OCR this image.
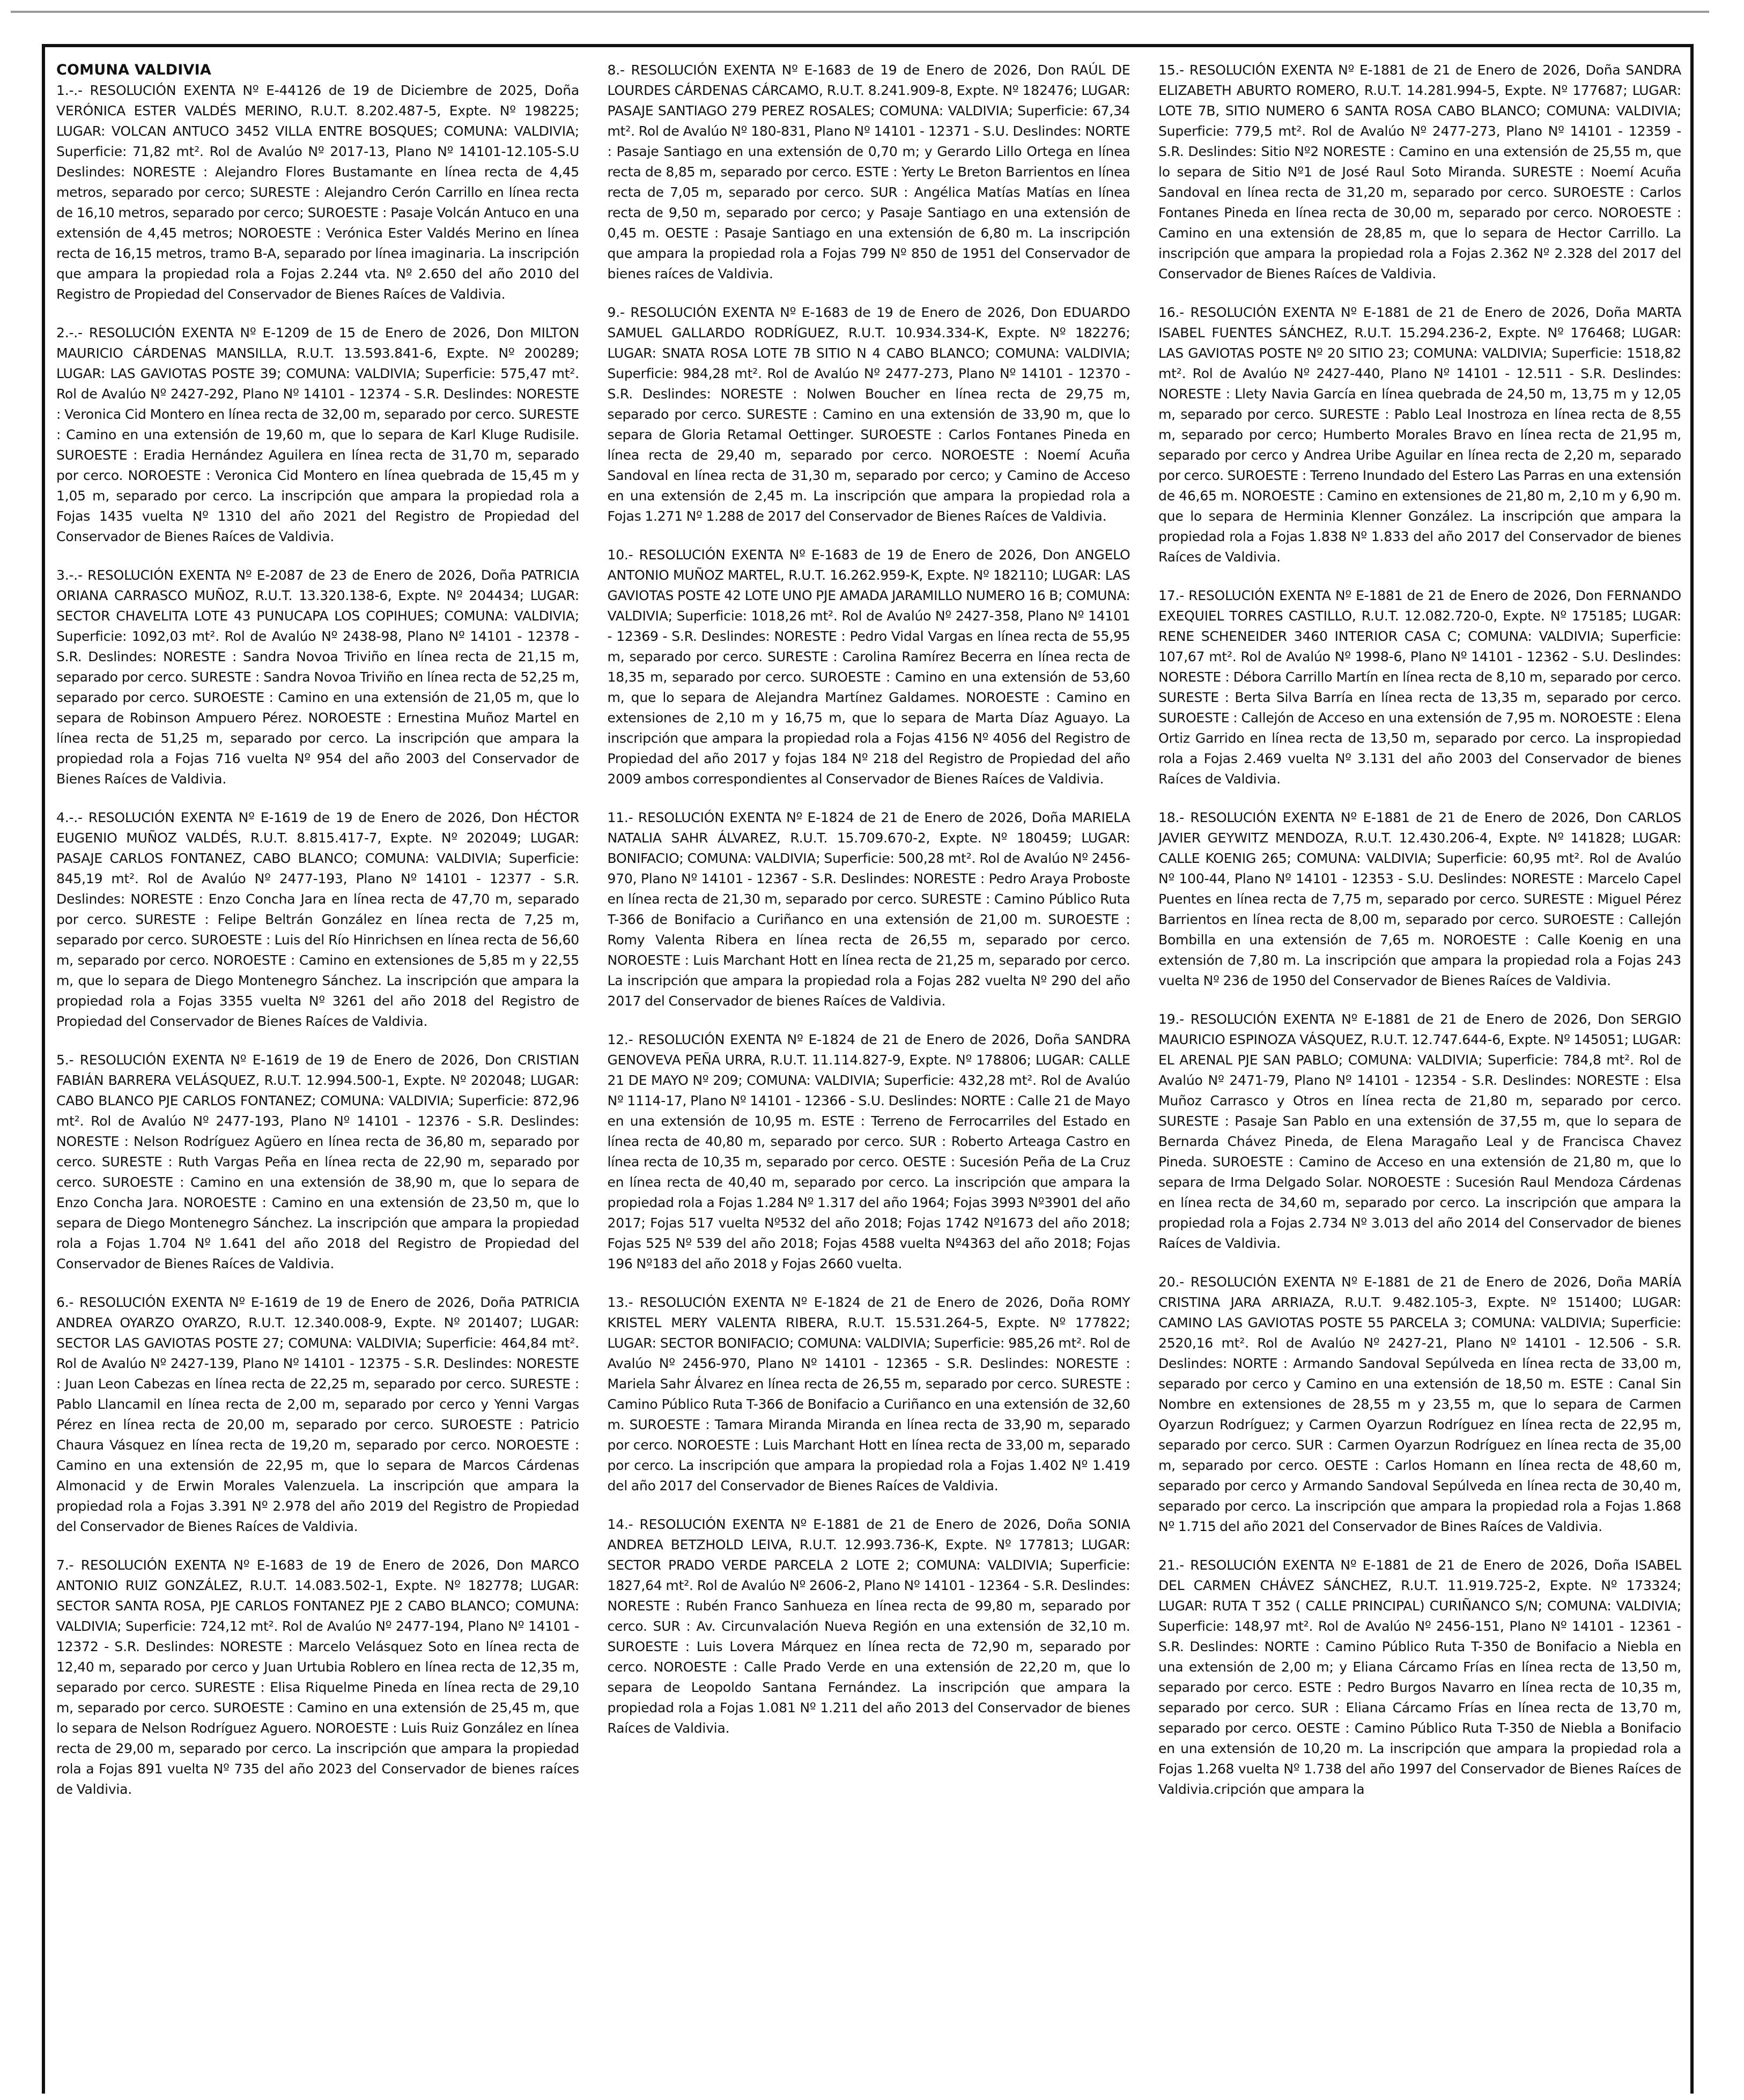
COMUNA VALDIVIA

1.-.- RESOLUCIÓN EXENTA Nº E-44126 de 19 de Diciembre de 2025, Doña VERÓNICA ESTER VALDÉS MERINO, R.U.T. 8.202.487-5, Expte. Nº 198225; LUGAR: VOLCAN ANTUCO 3452 VILLA ENTRE BOSQUES; COMUNA: VALDIVIA; Superficie: 71,82 mt². Rol de Avalúo Nº 2017-13, Plano Nº 14101-12.105-S.U Deslindes: NORESTE : Alejandro Flores Bustamante en línea recta de 4,45 metros, separado por cerco; SURESTE : Alejandro Cerón Carrillo en línea recta de 16,10 metros, separado por cerco; SUROESTE : Pasaje Volcán Antuco en una extensión de 4,45 metros; NOROESTE : Verónica Ester Valdés Merino en línea recta de 16,15 metros, tramo B-A, separado por línea imaginaria. La inscripción que ampara la propiedad rola a Fojas 2.244 vta. Nº 2.650 del año 2010 del Registro de Propiedad del Conservador de Bienes Raíces de Valdivia.

2.-.- RESOLUCIÓN EXENTA Nº E-1209 de 15 de Enero de 2026, Don MILTON MAURICIO CÁRDENAS MANSILLA, R.U.T. 13.593.841-6, Expte. Nº 200289; LUGAR: LAS GAVIOTAS POSTE 39; COMUNA: VALDIVIA; Superficie: 575,47 mt². Rol de Avalúo Nº 2427-292, Plano Nº 14101 - 12374 - S.R. Deslindes: NORESTE : Veronica Cid Montero en línea recta de 32,00 m, separado por cerco. SURESTE : Camino en una extensión de 19,60 m, que lo separa de Karl Kluge Rudisile. SUROESTE : Eradia Hernández Aguilera en línea recta de 31,70 m, separado por cerco. NOROESTE : Veronica Cid Montero en línea quebrada de 15,45 m y 1,05 m, separado por cerco. La inscripción que ampara la propiedad rola a Fojas 1435 vuelta Nº 1310 del año 2021 del Registro de Propiedad del Conservador de Bienes Raíces de Valdivia.

3.-.- RESOLUCIÓN EXENTA Nº E-2087 de 23 de Enero de 2026, Doña PATRICIA ORIANA CARRASCO MUÑOZ, R.U.T. 13.320.138-6, Expte. Nº 204434; LUGAR: SECTOR CHAVELITA LOTE 43 PUNUCAPA LOS COPIHUES; COMUNA: VALDIVIA; Superficie: 1092,03 mt². Rol de Avalúo Nº 2438-98, Plano Nº 14101 - 12378 - S.R. Deslindes: NORESTE : Sandra Novoa Triviño en línea recta de 21,15 m, separado por cerco. SURESTE : Sandra Novoa Triviño en línea recta de 52,25 m, separado por cerco. SUROESTE : Camino en una extensión de 21,05 m, que lo separa de Robinson Ampuero Pérez. NOROESTE : Ernestina Muñoz Martel en línea recta de 51,25 m, separado por cerco. La inscripción que ampara la propiedad rola a Fojas 716 vuelta Nº 954 del año 2003 del Conservador de Bienes Raíces de Valdivia.

4.-.- RESOLUCIÓN EXENTA Nº E-1619 de 19 de Enero de 2026, Don HÉCTOR EUGENIO MUÑOZ VALDÉS, R.U.T. 8.815.417-7, Expte. Nº 202049; LUGAR: PASAJE CARLOS FONTANEZ, CABO BLANCO; COMUNA: VALDIVIA; Superficie: 845,19 mt². Rol de Avalúo Nº 2477-193, Plano Nº 14101 - 12377 - S.R. Deslindes: NORESTE : Enzo Concha Jara en línea recta de 47,70 m, separado por cerco. SURESTE : Felipe Beltrán González en línea recta de 7,25 m, separado por cerco. SUROESTE : Luis del Río Hinrichsen en línea recta de 56,60 m, separado por cerco. NOROESTE : Camino en extensiones de 5,85 m y 22,55 m, que lo separa de Diego Montenegro Sánchez. La inscripción que ampara la propiedad rola a Fojas 3355 vuelta Nº 3261 del año 2018 del Registro de Propiedad del Conservador de Bienes Raíces de Valdivia.

5.- RESOLUCIÓN EXENTA Nº E-1619 de 19 de Enero de 2026, Don CRISTIAN FABIÁN BARRERA VELÁSQUEZ, R.U.T. 12.994.500-1, Expte. Nº 202048; LUGAR: CABO BLANCO PJE CARLOS FONTANEZ; COMUNA: VALDIVIA; Superficie: 872,96 mt². Rol de Avalúo Nº 2477-193, Plano Nº 14101 - 12376 - S.R. Deslindes: NORESTE : Nelson Rodríguez Agüero en línea recta de 36,80 m, separado por cerco. SURESTE : Ruth Vargas Peña en línea recta de 22,90 m, separado por cerco. SUROESTE : Camino en una extensión de 38,90 m, que lo separa de Enzo Concha Jara. NOROESTE : Camino en una extensión de 23,50 m, que lo separa de Diego Montenegro Sánchez. La inscripción que ampara la propiedad rola a Fojas 1.704 Nº 1.641 del año 2018 del Registro de Propiedad del Conservador de Bienes Raíces de Valdivia.

6.- RESOLUCIÓN EXENTA Nº E-1619 de 19 de Enero de 2026, Doña PATRICIA ANDREA OYARZO OYARZO, R.U.T. 12.340.008-9, Expte. Nº 201407; LUGAR: SECTOR LAS GAVIOTAS POSTE 27; COMUNA: VALDIVIA; Superficie: 464,84 mt². Rol de Avalúo Nº 2427-139, Plano Nº 14101 - 12375 - S.R. Deslindes: NORESTE : Juan Leon Cabezas en línea recta de 22,25 m, separado por cerco. SURESTE : Pablo Llancamil en línea recta de 2,00 m, separado por cerco y Yenni Vargas Pérez en línea recta de 20,00 m, separado por cerco. SUROESTE : Patricio Chaura Vásquez en línea recta de 19,20 m, separado por cerco. NOROESTE : Camino en una extensión de 22,95 m, que lo separa de Marcos Cárdenas Almonacid y de Erwin Morales Valenzuela. La inscripción que ampara la propiedad rola a Fojas 3.391 Nº 2.978 del año 2019 del Registro de Propiedad del Conservador de Bienes Raíces de Valdivia.

7.- RESOLUCIÓN EXENTA Nº E-1683 de 19 de Enero de 2026, Don MARCO ANTONIO RUIZ GONZÁLEZ, R.U.T. 14.083.502-1, Expte. Nº 182778; LUGAR: SECTOR SANTA ROSA, PJE CARLOS FONTANEZ PJE 2 CABO BLANCO; COMUNA: VALDIVIA; Superficie: 724,12 mt². Rol de Avalúo Nº 2477-194, Plano Nº 14101 - 12372 - S.R. Deslindes: NORESTE : Marcelo Velásquez Soto en línea recta de 12,40 m, separado por cerco y Juan Urtubia Roblero en línea recta de 12,35 m, separado por cerco. SURESTE : Elisa Riquelme Pineda en línea recta de 29,10 m, separado por cerco. SUROESTE : Camino en una extensión de 25,45 m, que lo separa de Nelson Rodríguez Aguero. NOROESTE : Luis Ruiz González en línea recta de 29,00 m, separado por cerco. La inscripción que ampara la propiedad rola a Fojas 891 vuelta Nº 735 del año 2023 del Conservador de bienes raíces de Valdivia.

8.- RESOLUCIÓN EXENTA Nº E-1683 de 19 de Enero de 2026, Don RAÚL DE LOURDES CÁRDENAS CÁRCAMO, R.U.T. 8.241.909-8, Expte. Nº 182476; LUGAR: PASAJE SANTIAGO 279 PEREZ ROSALES; COMUNA: VALDIVIA; Superficie: 67,34 mt². Rol de Avalúo Nº 180-831, Plano Nº 14101 - 12371 - S.U. Deslindes: NORTE : Pasaje Santiago en una extensión de 0,70 m; y Gerardo Lillo Ortega en línea recta de 8,85 m, separado por cerco. ESTE : Yerty Le Breton Barrientos en línea recta de 7,05 m, separado por cerco. SUR : Angélica Matías Matías en línea recta de 9,50 m, separado por cerco; y Pasaje Santiago en una extensión de 0,45 m. OESTE : Pasaje Santiago en una extensión de 6,80 m. La inscripción que ampara la propiedad rola a Fojas 799 Nº 850 de 1951 del Conservador de bienes raíces de Valdivia.

9.- RESOLUCIÓN EXENTA Nº E-1683 de 19 de Enero de 2026, Don EDUARDO SAMUEL GALLARDO RODRÍGUEZ, R.U.T. 10.934.334-K, Expte. Nº 182276; LUGAR: SNATA ROSA LOTE 7B SITIO N 4 CABO BLANCO; COMUNA: VALDIVIA; Superficie: 984,28 mt². Rol de Avalúo Nº 2477-273, Plano Nº 14101 - 12370 - S.R. Deslindes: NORESTE : Nolwen Boucher en línea recta de 29,75 m, separado por cerco. SURESTE : Camino en una extensión de 33,90 m, que lo separa de Gloria Retamal Oettinger. SUROESTE : Carlos Fontanes Pineda en línea recta de 29,40 m, separado por cerco. NOROESTE : Noemí Acuña Sandoval en línea recta de 31,30 m, separado por cerco; y Camino de Acceso en una extensión de 2,45 m. La inscripción que ampara la propiedad rola a Fojas 1.271 Nº 1.288 de 2017 del Conservador de Bienes Raíces de Valdivia.

10.- RESOLUCIÓN EXENTA Nº E-1683 de 19 de Enero de 2026, Don ANGELO ANTONIO MUÑOZ MARTEL, R.U.T. 16.262.959-K, Expte. Nº 182110; LUGAR: LAS GAVIOTAS POSTE 42 LOTE UNO PJE AMADA JARAMILLO NUMERO 16 B; COMUNA: VALDIVIA; Superficie: 1018,26 mt². Rol de Avalúo Nº 2427-358, Plano Nº 14101 - 12369 - S.R. Deslindes: NORESTE : Pedro Vidal Vargas en línea recta de 55,95 m, separado por cerco. SURESTE : Carolina Ramírez Becerra en línea recta de 18,35 m, separado por cerco. SUROESTE : Camino en una extensión de 53,60 m, que lo separa de Alejandra Martínez Galdames. NOROESTE : Camino en extensiones de 2,10 m y 16,75 m, que lo separa de Marta Díaz Aguayo. La inscripción que ampara la propiedad rola a Fojas 4156 Nº 4056 del Registro de Propiedad del año 2017 y fojas 184 Nº 218 del Registro de Propiedad del año 2009 ambos correspondientes al Conservador de Bienes Raíces de Valdivia.

11.- RESOLUCIÓN EXENTA Nº E-1824 de 21 de Enero de 2026, Doña MARIELA NATALIA SAHR ÁLVAREZ, R.U.T. 15.709.670-2, Expte. Nº 180459; LUGAR: BONIFACIO; COMUNA: VALDIVIA; Superficie: 500,28 mt². Rol de Avalúo Nº 2456-970, Plano Nº 14101 - 12367 - S.R. Deslindes: NORESTE : Pedro Araya Proboste en línea recta de 21,30 m, separado por cerco. SURESTE : Camino Público Ruta T-366 de Bonifacio a Curiñanco en una extensión de 21,00 m. SUROESTE : Romy Valenta Ribera en línea recta de 26,55 m, separado por cerco. NOROESTE : Luis Marchant Hott en línea recta de 21,25 m, separado por cerco. La inscripción que ampara la propiedad rola a Fojas 282 vuelta Nº 290 del año 2017 del Conservador de bienes Raíces de Valdivia.

12.- RESOLUCIÓN EXENTA Nº E-1824 de 21 de Enero de 2026, Doña SANDRA GENOVEVA PEÑA URRA, R.U.T. 11.114.827-9, Expte. Nº 178806; LUGAR: CALLE 21 DE MAYO Nº 209; COMUNA: VALDIVIA; Superficie: 432,28 mt². Rol de Avalúo Nº 1114-17, Plano Nº 14101 - 12366 - S.U. Deslindes: NORTE : Calle 21 de Mayo en una extensión de 10,95 m. ESTE : Terreno de Ferrocarriles del Estado en línea recta de 40,80 m, separado por cerco. SUR : Roberto Arteaga Castro en línea recta de 10,35 m, separado por cerco. OESTE : Sucesión Peña de La Cruz en línea recta de 40,40 m, separado por cerco. La inscripción que ampara la propiedad rola a Fojas 1.284 Nº 1.317 del año 1964; Fojas 3993 Nº3901 del año 2017; Fojas 517 vuelta Nº532 del año 2018; Fojas 1742 Nº1673 del año 2018; Fojas 525 Nº 539 del año 2018; Fojas 4588 vuelta Nº4363 del año 2018; Fojas 196 Nº183 del año 2018 y Fojas 2660 vuelta.

13.- RESOLUCIÓN EXENTA Nº E-1824 de 21 de Enero de 2026, Doña ROMY KRISTEL MERY VALENTA RIBERA, R.U.T. 15.531.264-5, Expte. Nº 177822; LUGAR: SECTOR BONIFACIO; COMUNA: VALDIVIA; Superficie: 985,26 mt². Rol de Avalúo Nº 2456-970, Plano Nº 14101 - 12365 - S.R. Deslindes: NORESTE : Mariela Sahr Álvarez en línea recta de 26,55 m, separado por cerco. SURESTE : Camino Público Ruta T-366 de Bonifacio a Curiñanco en una extensión de 32,60 m. SUROESTE : Tamara Miranda Miranda en línea recta de 33,90 m, separado por cerco. NOROESTE : Luis Marchant Hott en línea recta de 33,00 m, separado por cerco. La inscripción que ampara la propiedad rola a Fojas 1.402 Nº 1.419 del año 2017 del Conservador de Bienes Raíces de Valdivia.

14.- RESOLUCIÓN EXENTA Nº E-1881 de 21 de Enero de 2026, Doña SONIA ANDREA BETZHOLD LEIVA, R.U.T. 12.993.736-K, Expte. Nº 177813; LUGAR: SECTOR PRADO VERDE PARCELA 2 LOTE 2; COMUNA: VALDIVIA; Superficie: 1827,64 mt². Rol de Avalúo Nº 2606-2, Plano Nº 14101 - 12364 - S.R. Deslindes: NORESTE : Rubén Franco Sanhueza en línea recta de 99,80 m, separado por cerco. SUR : Av. Circunvalación Nueva Región en una extensión de 32,10 m. SUROESTE : Luis Lovera Márquez en línea recta de 72,90 m, separado por cerco. NOROESTE : Calle Prado Verde en una extensión de 22,20 m, que lo separa de Leopoldo Santana Fernández. La inscripción que ampara la propiedad rola a Fojas 1.081 Nº 1.211 del año 2013 del Conservador de bienes Raíces de Valdivia.

15.- RESOLUCIÓN EXENTA Nº E-1881 de 21 de Enero de 2026, Doña SANDRA ELIZABETH ABURTO ROMERO, R.U.T. 14.281.994-5, Expte. Nº 177687; LUGAR: LOTE 7B, SITIO NUMERO 6 SANTA ROSA CABO BLANCO; COMUNA: VALDIVIA; Superficie: 779,5 mt². Rol de Avalúo Nº 2477-273, Plano Nº 14101 - 12359 - S.R. Deslindes: Sitio Nº2 NORESTE : Camino en una extensión de 25,55 m, que lo separa de Sitio Nº1 de José Raul Soto Miranda. SURESTE : Noemí Acuña Sandoval en línea recta de 31,20 m, separado por cerco. SUROESTE : Carlos Fontanes Pineda en línea recta de 30,00 m, separado por cerco. NOROESTE : Camino en una extensión de 28,85 m, que lo separa de Hector Carrillo. La inscripción que ampara la propiedad rola a Fojas 2.362 Nº 2.328 del 2017 del Conservador de Bienes Raíces de Valdivia.

16.- RESOLUCIÓN EXENTA Nº E-1881 de 21 de Enero de 2026, Doña MARTA ISABEL FUENTES SÁNCHEZ, R.U.T. 15.294.236-2, Expte. Nº 176468; LUGAR: LAS GAVIOTAS POSTE Nº 20 SITIO 23; COMUNA: VALDIVIA; Superficie: 1518,82 mt². Rol de Avalúo Nº 2427-440, Plano Nº 14101 - 12.511 - S.R. Deslindes: NORESTE : Llety Navia García en línea quebrada de 24,50 m, 13,75 m y 12,05 m, separado por cerco. SURESTE : Pablo Leal Inostroza en línea recta de 8,55 m, separado por cerco; Humberto Morales Bravo en línea recta de 21,95 m, separado por cerco y Andrea Uribe Aguilar en línea recta de 2,20 m, separado por cerco. SUROESTE : Terreno Inundado del Estero Las Parras en una extensión de 46,65 m. NOROESTE : Camino en extensiones de 21,80 m, 2,10 m y 6,90 m. que lo separa de Herminia Klenner González. La inscripción que ampara la propiedad rola a Fojas 1.838 Nº 1.833 del año 2017 del Conservador de bienes Raíces de Valdivia.

17.- RESOLUCIÓN EXENTA Nº E-1881 de 21 de Enero de 2026, Don FERNANDO EXEQUIEL TORRES CASTILLO, R.U.T. 12.082.720-0, Expte. Nº 175185; LUGAR: RENE SCHENEIDER 3460 INTERIOR CASA C; COMUNA: VALDIVIA; Superficie: 107,67 mt². Rol de Avalúo Nº 1998-6, Plano Nº 14101 - 12362 - S.U. Deslindes: NORESTE : Débora Carrillo Martín en línea recta de 8,10 m, separado por cerco. SURESTE : Berta Silva Barría en línea recta de 13,35 m, separado por cerco. SUROESTE : Callejón de Acceso en una extensión de 7,95 m. NOROESTE : Elena Ortiz Garrido en línea recta de 13,50 m, separado por cerco. La inspropiedad rola a Fojas 2.469 vuelta Nº 3.131 del año 2003 del Conservador de bienes Raíces de Valdivia.

18.- RESOLUCIÓN EXENTA Nº E-1881 de 21 de Enero de 2026, Don CARLOS JAVIER GEYWITZ MENDOZA, R.U.T. 12.430.206-4, Expte. Nº 141828; LUGAR: CALLE KOENIG 265; COMUNA: VALDIVIA; Superficie: 60,95 mt². Rol de Avalúo Nº 100-44, Plano Nº 14101 - 12353 - S.U. Deslindes: NORESTE : Marcelo Capel Puentes en línea recta de 7,75 m, separado por cerco. SURESTE : Miguel Pérez Barrientos en línea recta de 8,00 m, separado por cerco. SUROESTE : Callejón Bombilla en una extensión de 7,65 m. NOROESTE : Calle Koenig en una extensión de 7,80 m. La inscripción que ampara la propiedad rola a Fojas 243 vuelta Nº 236 de 1950 del Conservador de Bienes Raíces de Valdivia.

19.- RESOLUCIÓN EXENTA Nº E-1881 de 21 de Enero de 2026, Don SERGIO MAURICIO ESPINOZA VÁSQUEZ, R.U.T. 12.747.644-6, Expte. Nº 145051; LUGAR: EL ARENAL PJE SAN PABLO; COMUNA: VALDIVIA; Superficie: 784,8 mt². Rol de Avalúo Nº 2471-79, Plano Nº 14101 - 12354 - S.R. Deslindes: NORESTE : Elsa Muñoz Carrasco y Otros en línea recta de 21,80 m, separado por cerco. SURESTE : Pasaje San Pablo en una extensión de 37,55 m, que lo separa de Bernarda Chávez Pineda, de Elena Maragaño Leal y de Francisca Chavez Pineda. SUROESTE : Camino de Acceso en una extensión de 21,80 m, que lo separa de Irma Delgado Solar. NOROESTE : Sucesión Raul Mendoza Cárdenas en línea recta de 34,60 m, separado por cerco. La inscripción que ampara la propiedad rola a Fojas 2.734 Nº 3.013 del año 2014 del Conservador de bienes Raíces de Valdivia.

20.- RESOLUCIÓN EXENTA Nº E-1881 de 21 de Enero de 2026, Doña MARÍA CRISTINA JARA ARRIAZA, R.U.T. 9.482.105-3, Expte. Nº 151400; LUGAR: CAMINO LAS GAVIOTAS POSTE 55 PARCELA 3; COMUNA: VALDIVIA; Superficie: 2520,16 mt². Rol de Avalúo Nº 2427-21, Plano Nº 14101 - 12.506 - S.R. Deslindes: NORTE : Armando Sandoval Sepúlveda en línea recta de 33,00 m, separado por cerco y Camino en una extensión de 18,50 m. ESTE : Canal Sin Nombre en extensiones de 28,55 m y 23,55 m, que lo separa de Carmen Oyarzun Rodríguez; y Carmen Oyarzun Rodríguez en línea recta de 22,95 m, separado por cerco. SUR : Carmen Oyarzun Rodríguez en línea recta de 35,00 m, separado por cerco. OESTE : Carlos Homann en línea recta de 48,60 m, separado por cerco y Armando Sandoval Sepúlveda en línea recta de 30,40 m, separado por cerco. La inscripción que ampara la propiedad rola a Fojas 1.868 Nº 1.715 del año 2021 del Conservador de Bines Raíces de Valdivia.

21.- RESOLUCIÓN EXENTA Nº E-1881 de 21 de Enero de 2026, Doña ISABEL DEL CARMEN CHÁVEZ SÁNCHEZ, R.U.T. 11.919.725-2, Expte. Nº 173324; LUGAR: RUTA T 352 ( CALLE PRINCIPAL) CURIÑANCO S/N; COMUNA: VALDIVIA; Superficie: 148,97 mt². Rol de Avalúo Nº 2456-151, Plano Nº 14101 - 12361 - S.R. Deslindes: NORTE : Camino Público Ruta T-350 de Bonifacio a Niebla en una extensión de 2,00 m; y Eliana Cárcamo Frías en línea recta de 13,50 m, separado por cerco. ESTE : Pedro Burgos Navarro en línea recta de 10,35 m, separado por cerco. SUR : Eliana Cárcamo Frías en línea recta de 13,70 m, separado por cerco. OESTE : Camino Público Ruta T-350 de Niebla a Bonifacio en una extensión de 10,20 m. La inscripción que ampara la propiedad rola a Fojas 1.268 vuelta Nº 1.738 del año 1997 del Conservador de Bienes Raíces de Valdivia.cripción que ampara la
